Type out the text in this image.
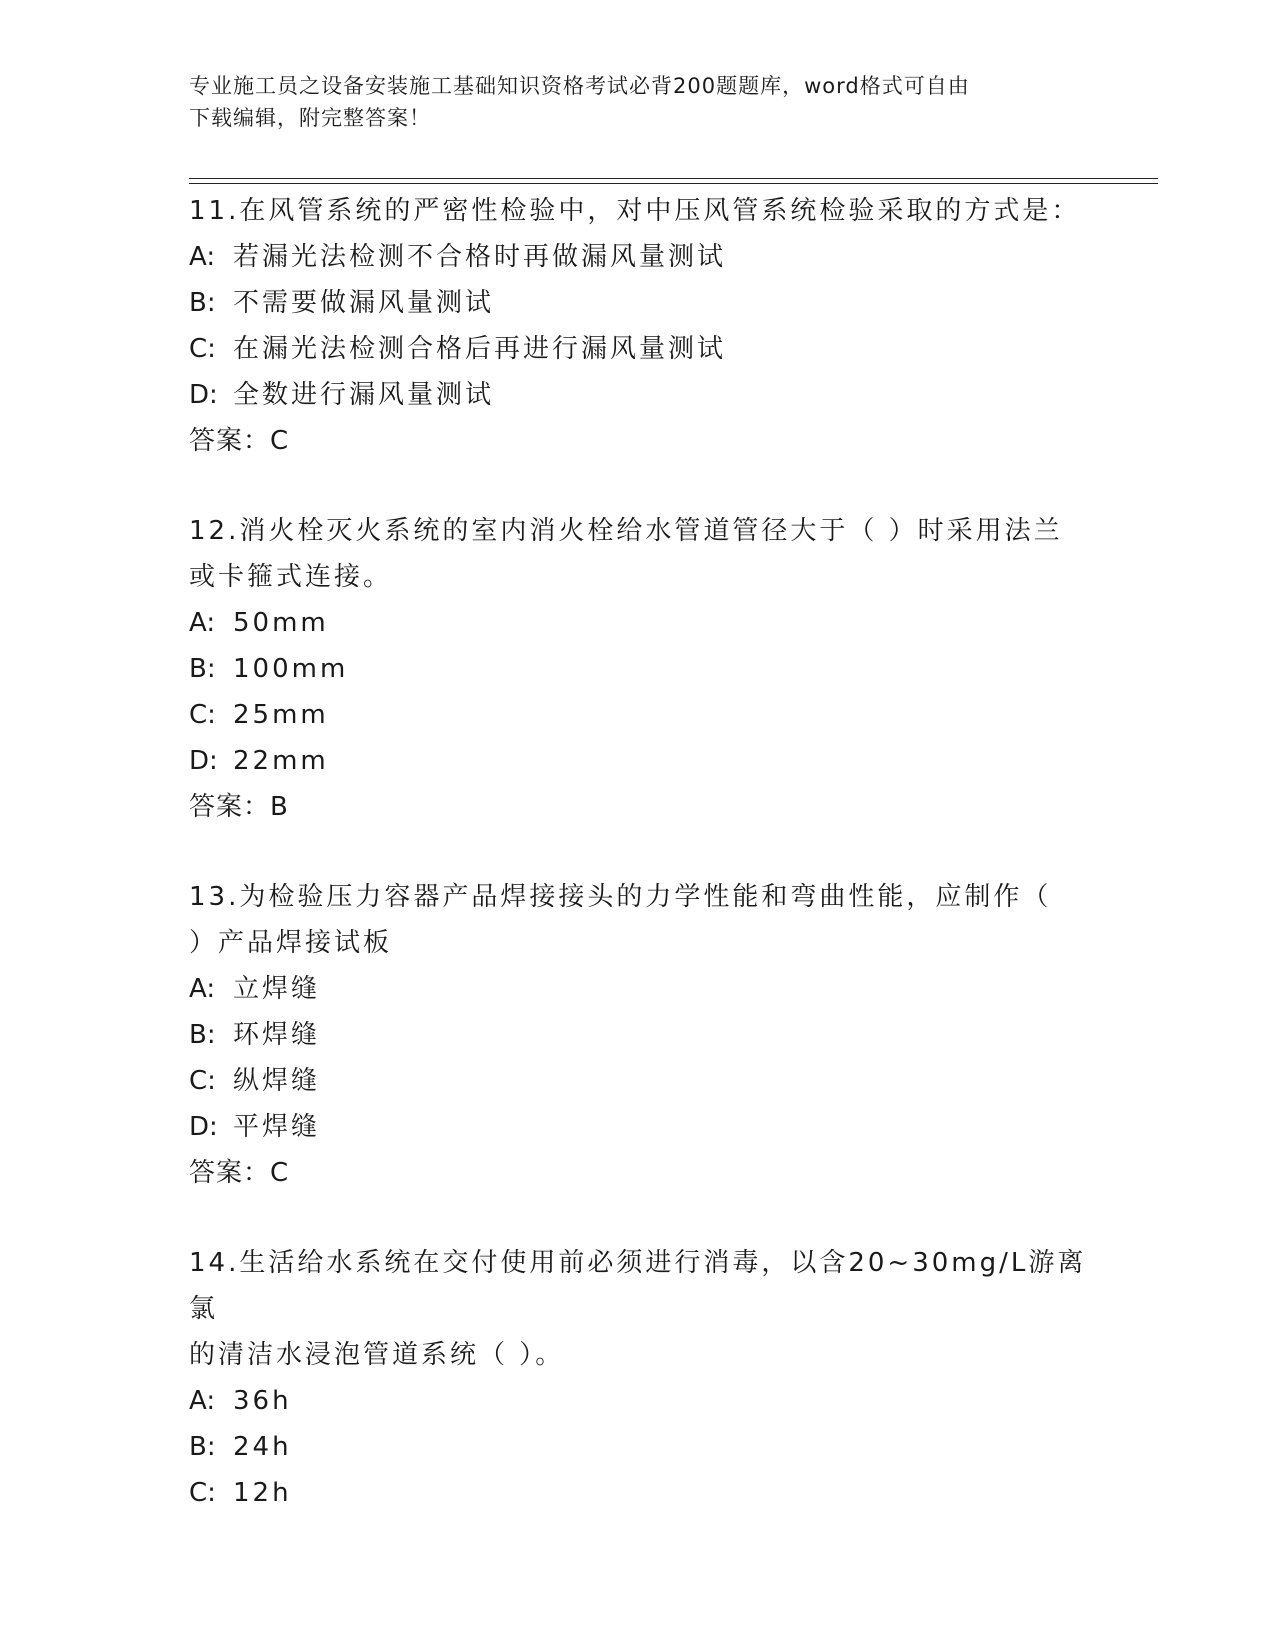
专业施工员之设备安装施工基础知识资格考试必背200题题库，word格式可自由
下载编辑，附完整答案！
11.在风管系统的严密性检验中，对中压风管系统检验采取的方式是：
A: 若漏光法检测不合格时再做漏风量测试
B: 不需要做漏风量测试
C: 在漏光法检测合格后再进行漏风量测试
D: 全数进行漏风量测试
答案：C
12.消火栓灭火系统的室内消火栓给水管道管径大于（ ）时采用法兰
或卡箍式连接。
A: 50mm
B: 100mm
C: 25mm
D: 22mm
答案：B
13.为检验压力容器产品焊接接头的力学性能和弯曲性能，应制作（
）产品焊接试板
A: 立焊缝
B: 环焊缝
C: 纵焊缝
D: 平焊缝
答案：C
14.生活给水系统在交付使用前必须进行消毒，以含20~30mg/L游离氯
的清洁水浸泡管道系统（ ）。
A: 36h
B: 24h
C: 12h
